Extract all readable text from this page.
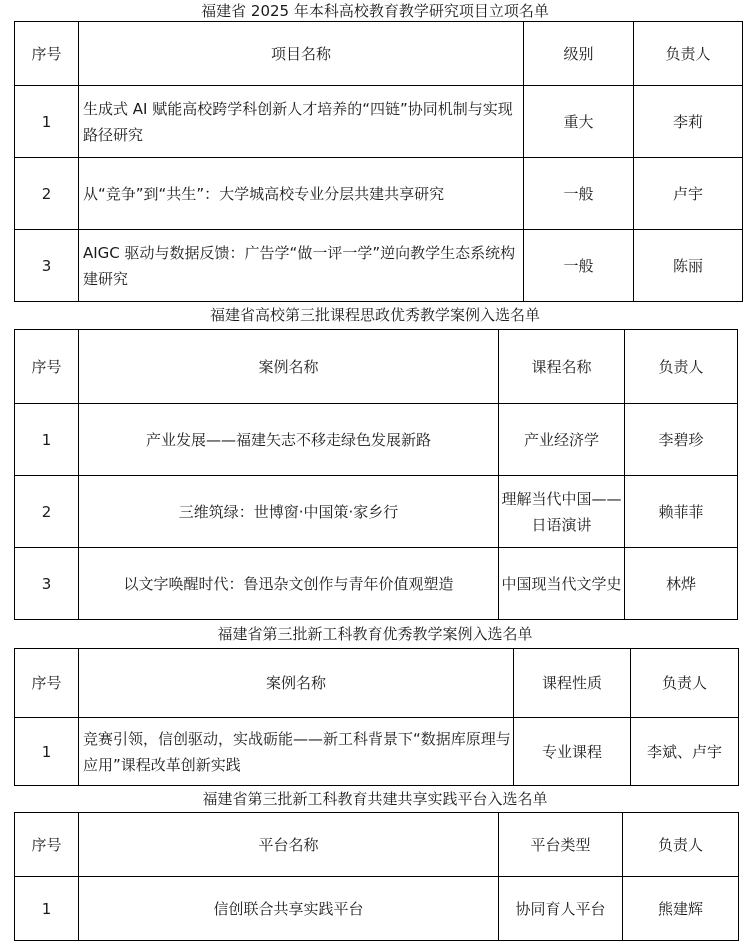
福建省 2025 年本科高校教育教学研究项目立项名单
序号	项目名称	级别	负责人
1	生成式 AI 赋能高校跨学科创新人才培养的“四链”协同机制与实现路径研究	重大	李莉
2	从“竞争”到“共生”：大学城高校专业分层共建共享研究	一般	卢宇
3	AIGC 驱动与数据反馈：广告学“做一评一学”逆向教学生态系统构建研究	一般	陈丽
福建省高校第三批课程思政优秀教学案例入选名单
序号	案例名称	课程名称	负责人
1	产业发展——福建矢志不移走绿色发展新路	产业经济学	李碧珍
2	三维筑绿：世博窗·中国策·家乡行	理解当代中国——日语演讲	赖菲菲
3	以文字唤醒时代：鲁迅杂文创作与青年价值观塑造	中国现当代文学史	林烨
福建省第三批新工科教育优秀教学案例入选名单
序号	案例名称	课程性质	负责人
1	竞赛引领，信创驱动，实战砺能——新工科背景下“数据库原理与应用”课程改革创新实践	专业课程	李斌、卢宇
福建省第三批新工科教育共建共享实践平台入选名单
序号	平台名称	平台类型	负责人
1	信创联合共享实践平台	协同育人平台	熊建辉
